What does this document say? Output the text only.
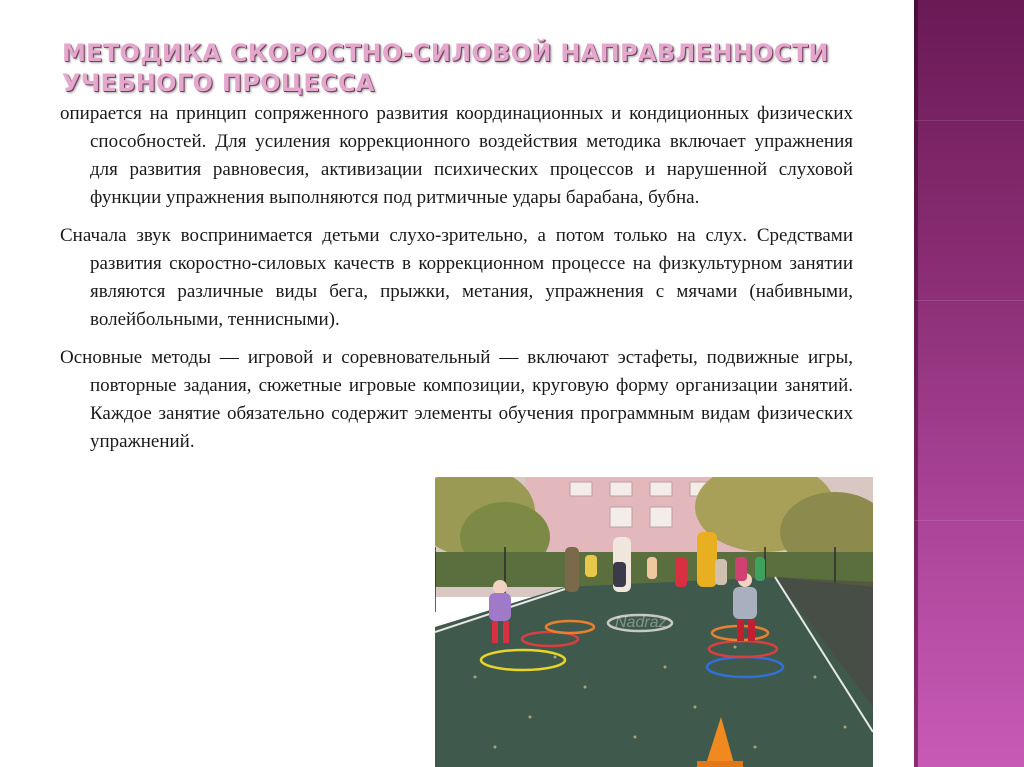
МЕТОДИКА СКОРОСТНО-СИЛОВОЙ НАПРАВЛЕННОСТИ УЧЕБНОГО ПРОЦЕССА

опирается на принцип сопряженного развития координационных и кондиционных физических способностей. Для усиления коррекционного воздействия методика включает упражнения для развития равновесия, активизации психических процессов и нарушенной слуховой функции упражнения выполняются под ритмичные удары барабана, бубна.

Сначала звук воспринимается детьми слухо-зрительно, а потом только на слух. Средствами развития скоростно-силовых качеств в коррекционном процессе на физкультурном занятии являются различные виды бега, прыжки, метания, упражнения с мячами (набивными, волейбольными, теннисными).

Основные методы — игровой и соревновательный — включают эстафеты, подвижные игры, повторные задания, сюжетные игровые композиции, круговую форму организации занятий. Каждое занятие обязательно содержит элементы обучения программным видам физических упражнений.

Nadraz
